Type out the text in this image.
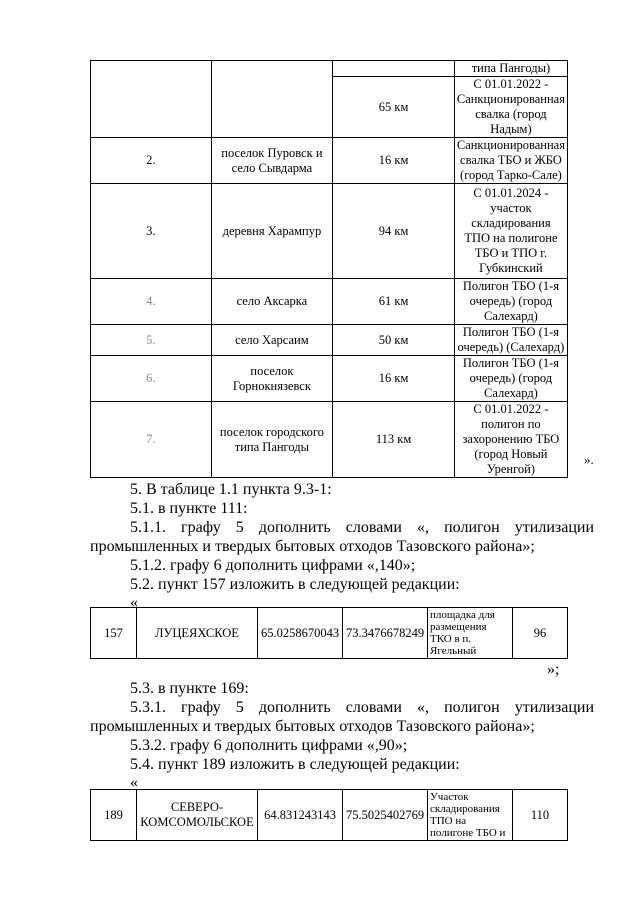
			типа Пангоды)
		65 км	С 01.01.2022 - Санкционированная свалка (город Надым)
2.	поселок Пуровск и село Сывдарма	16 км	Санкционированная свалка ТБО и ЖБО (город Тарко-Сале)
3.	деревня Харампур	94 км	С 01.01.2024 - участок складирования ТПО на полигоне ТБО и ТПО г. Губкинский
4.	село Аксарка	61 км	Полигон ТБО (1-я очередь) (город Салехард)
5.	село Харсаим	50 км	Полигон ТБО (1-я очередь) (Салехард)
6.	поселок Горнокнязевск	16 км	Полигон ТБО (1-я очередь) (город Салехард)
7.	поселок городского типа Пангоды	113 км	С 01.01.2022 - полигон по захоронению ТБО (город Новый Уренгой)
».
5. В таблице 1.1 пункта 9.3-1:
5.1. в пункте 111:
5.1.1. графу 5 дополнить словами «, полигон утилизации промышленных и твердых бытовых отходов Тазовского района»;
5.1.2. графу 6 дополнить цифрами «,140»;
5.2. пункт 157 изложить в следующей редакции:
«
157	ЛУЦЕЯХСКОЕ	65.0258670043	73.3476678249	площадка для размещения ТКО в п. Ягельный	96
»;
5.3. в пункте 169:
5.3.1. графу 5 дополнить словами «, полигон утилизации промышленных и твердых бытовых отходов Тазовского района»;
5.3.2. графу 6 дополнить цифрами «,90»;
5.4. пункт 189 изложить в следующей редакции:
«
189	СЕВЕРО-КОМСОМОЛЬСКОЕ	64.831243143	75.5025402769	Участок складирования ТПО на полигоне ТБО и	110
